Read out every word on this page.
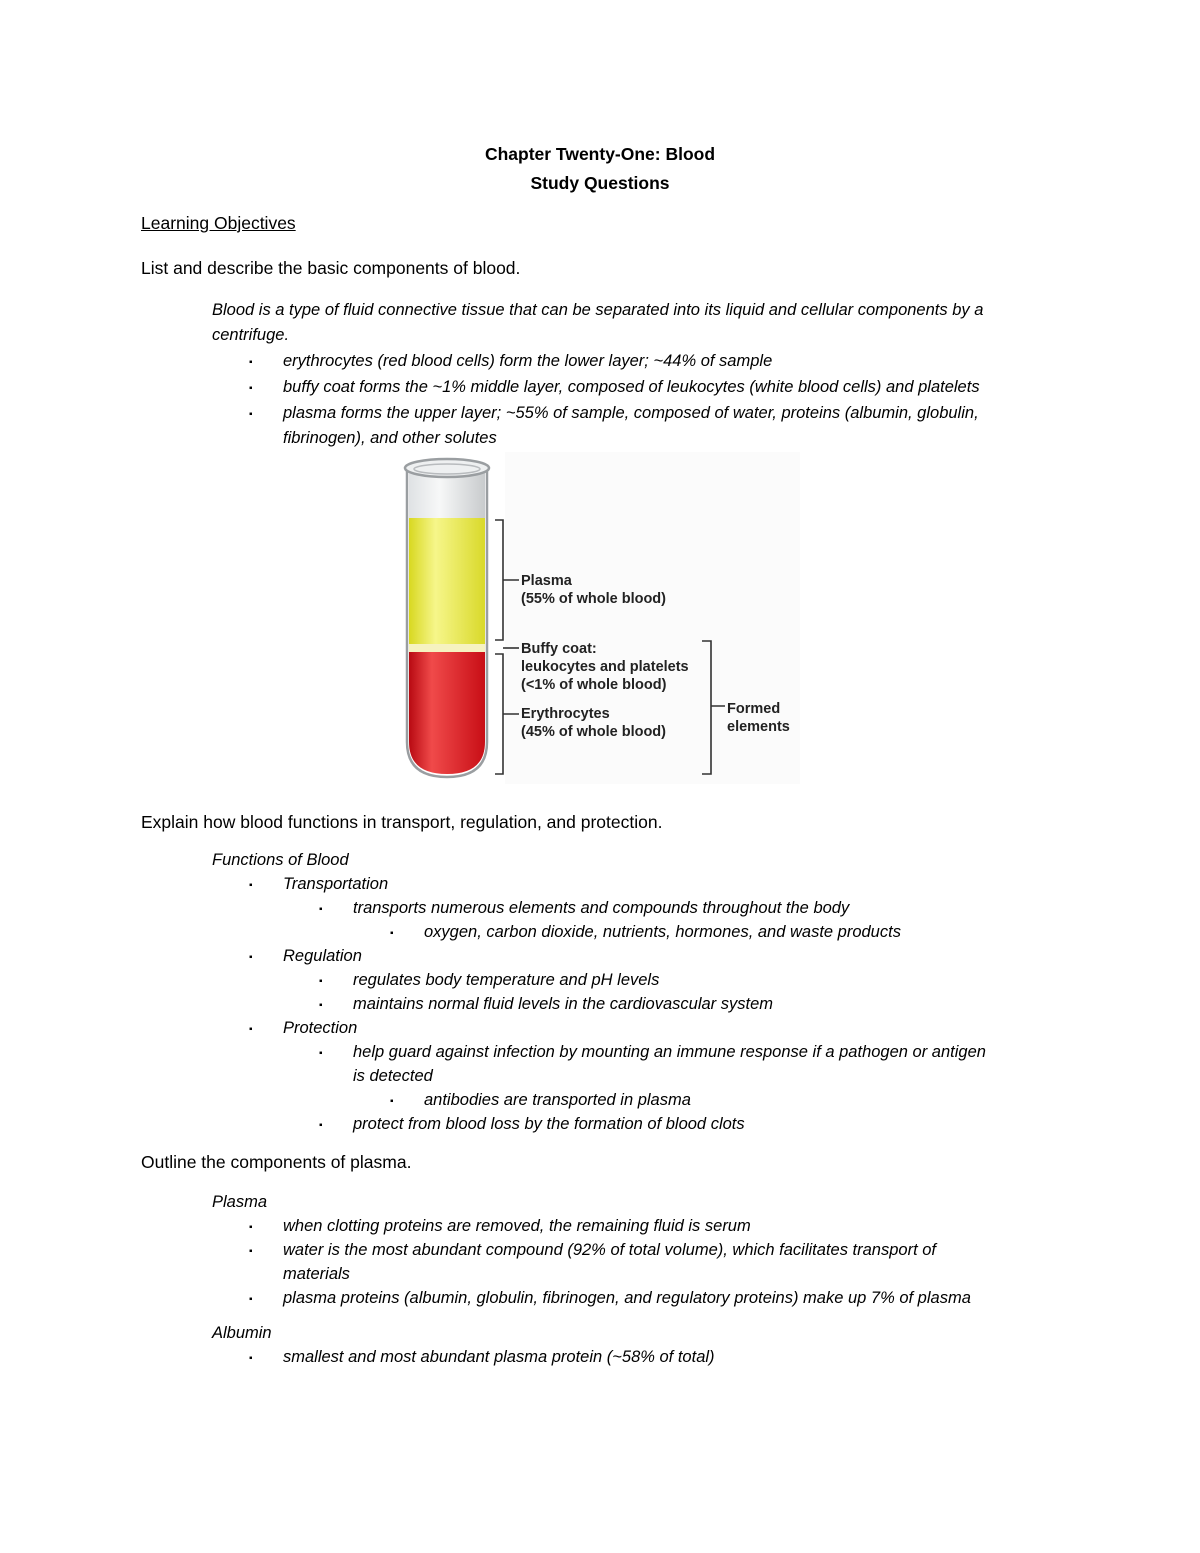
Chapter Twenty-One: Blood
Study Questions
Learning Objectives
List and describe the basic components of blood.
Blood is a type of fluid connective tissue that can be separated into its liquid and cellular components by a
centrifuge.
▪ erythrocytes (red blood cells) form the lower layer; ~44% of sample
▪ buffy coat forms the ~1% middle layer, composed of leukocytes (white blood cells) and platelets
▪ plasma forms the upper layer; ~55% of sample, composed of water, proteins (albumin, globulin,
fibrinogen), and other solutes
Plasma
(55% of whole blood)
Buffy coat:
leukocytes and platelets
(<1% of whole blood)
Erythrocytes
(45% of whole blood)
Formed
elements
Explain how blood functions in transport, regulation, and protection.
Functions of Blood
▪ Transportation
▪ transports numerous elements and compounds throughout the body
▪ oxygen, carbon dioxide, nutrients, hormones, and waste products
▪ Regulation
▪ regulates body temperature and pH levels
▪ maintains normal fluid levels in the cardiovascular system
▪ Protection
▪ help guard against infection by mounting an immune response if a pathogen or antigen
is detected
▪ antibodies are transported in plasma
▪ protect from blood loss by the formation of blood clots
Outline the components of plasma.
Plasma
▪ when clotting proteins are removed, the remaining fluid is serum
▪ water is the most abundant compound (92% of total volume), which facilitates transport of
materials
▪ plasma proteins (albumin, globulin, fibrinogen, and regulatory proteins) make up 7% of plasma
Albumin
▪ smallest and most abundant plasma protein (~58% of total)
